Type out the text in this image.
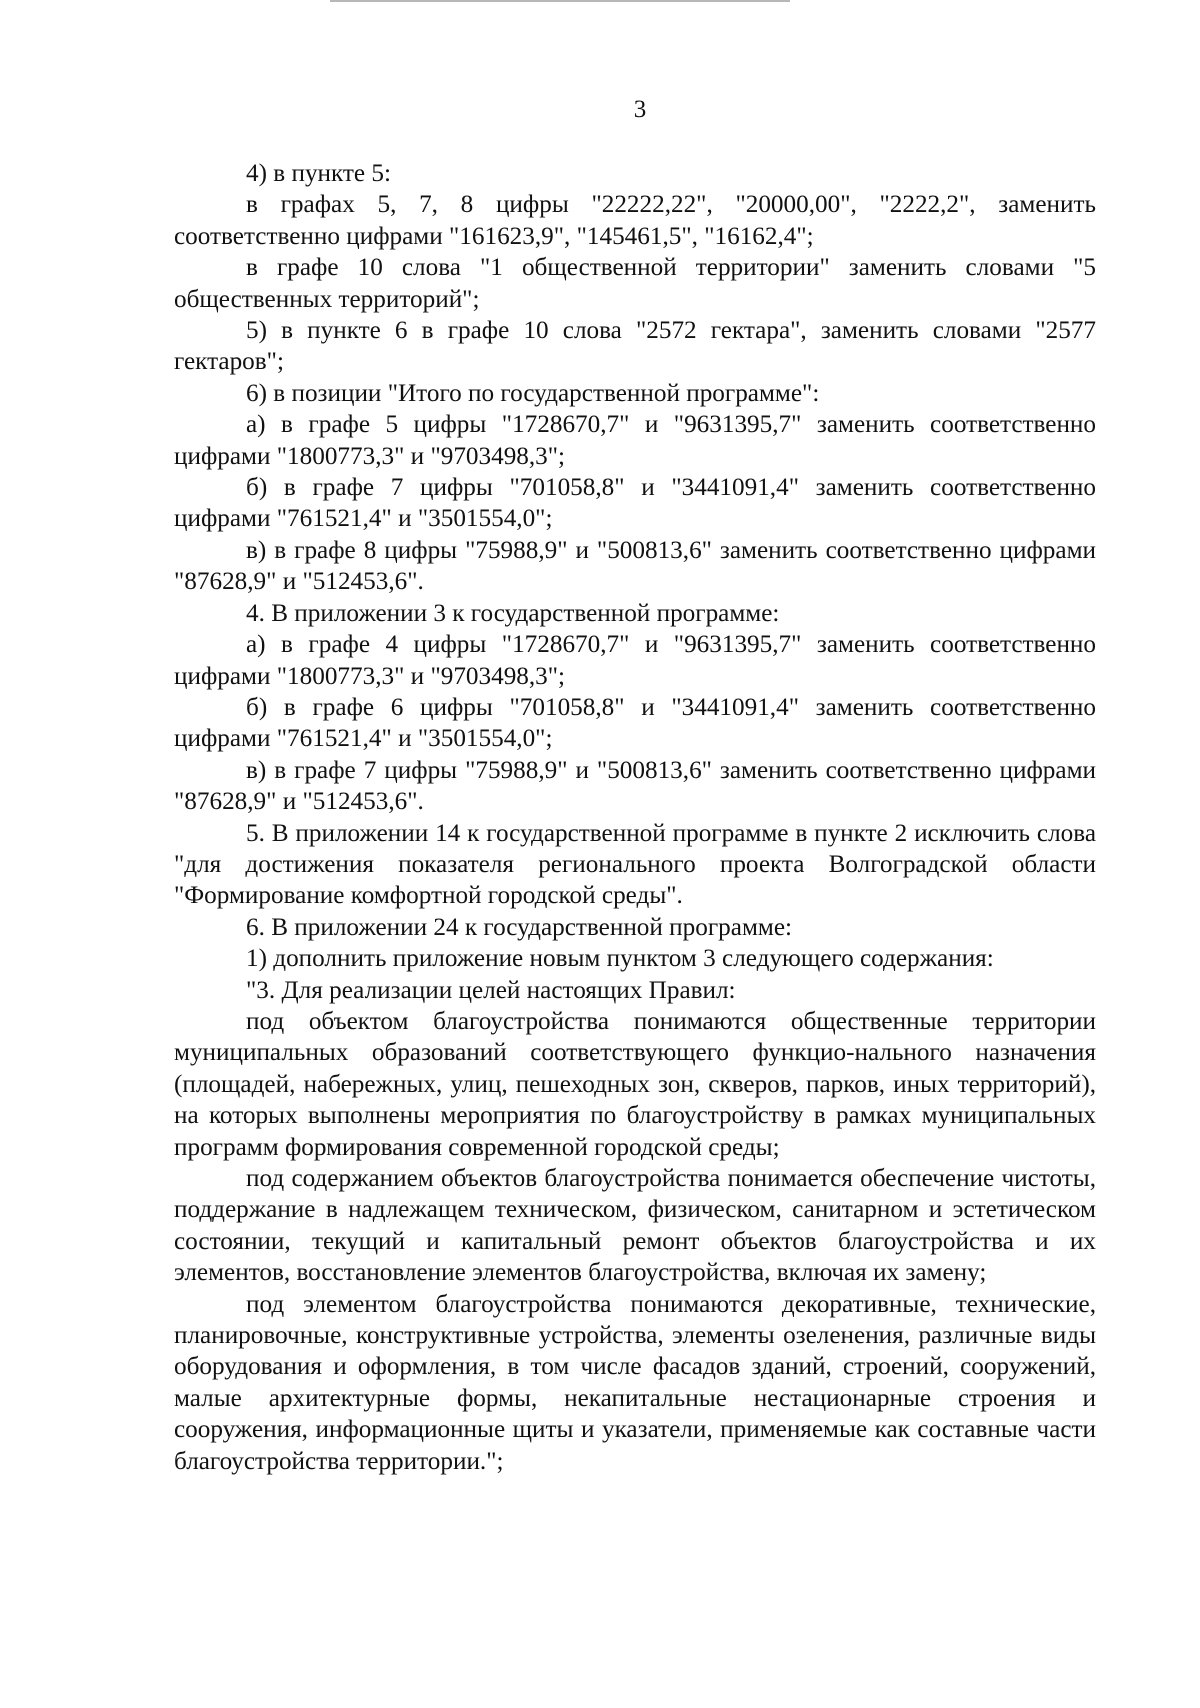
3

4) в пункте 5:

в графах 5, 7, 8 цифры "22222,22", "20000,00", "2222,2", заменить соответственно цифрами "161623,9", "145461,5", "16162,4";

в графе 10 слова "1 общественной территории" заменить словами "5 общественных территорий";

5) в пункте 6 в графе 10 слова "2572 гектара", заменить словами "2577 гектаров";

6) в позиции "Итого по государственной программе":

а) в графе 5 цифры "1728670,7" и "9631395,7" заменить соответственно цифрами "1800773,3" и "9703498,3";

б) в графе 7 цифры "701058,8" и "3441091,4" заменить соответственно цифрами "761521,4" и "3501554,0";

в) в графе 8 цифры "75988,9" и "500813,6" заменить соответственно цифрами "87628,9" и "512453,6".

4. В приложении 3 к государственной программе:

а) в графе 4 цифры "1728670,7" и "9631395,7" заменить соответственно цифрами "1800773,3" и "9703498,3";

б) в графе 6 цифры "701058,8" и "3441091,4" заменить соответственно цифрами "761521,4" и "3501554,0";

в) в графе 7 цифры "75988,9" и "500813,6" заменить соответственно цифрами "87628,9" и "512453,6".

5. В приложении 14 к государственной программе в пункте 2 исключить слова "для достижения показателя регионального проекта Волгоградской области "Формирование комфортной городской среды".

6. В приложении 24 к государственной программе:

1) дополнить приложение новым пунктом 3 следующего содержания:

"3. Для реализации целей настоящих Правил:

под объектом благоустройства понимаются общественные территории муниципальных образований соответствующего функцио-нального назначения (площадей, набережных, улиц, пешеходных зон, скверов, парков, иных территорий), на которых выполнены мероприятия по благоустройству в рамках муниципальных программ формирования современной городской среды;

под содержанием объектов благоустройства понимается обеспечение чистоты, поддержание в надлежащем техническом, физическом, санитарном и эстетическом состоянии, текущий и капитальный ремонт объектов благоустройства и их элементов, восстановление элементов благоустройства, включая их замену;

под элементом благоустройства понимаются декоративные, технические, планировочные, конструктивные устройства, элементы озеленения, различные виды оборудования и оформления, в том числе фасадов зданий, строений, сооружений, малые архитектурные формы, некапитальные нестационарные строения и сооружения, информационные щиты и указатели, применяемые как составные части благоустройства территории.";
